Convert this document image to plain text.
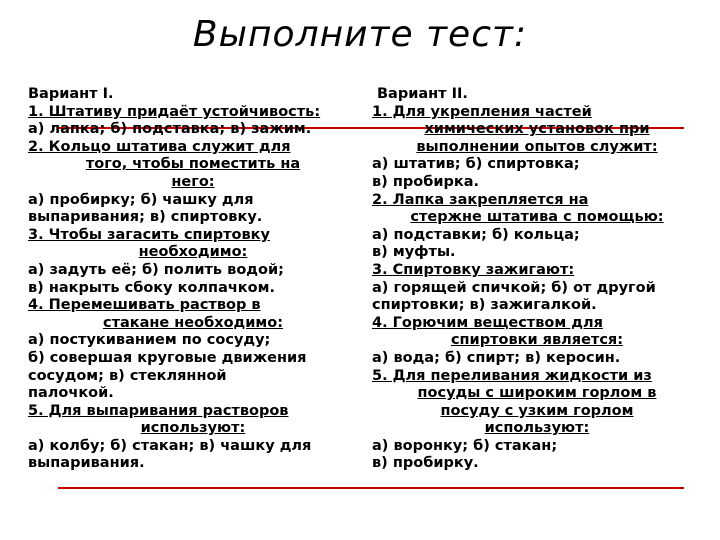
Выполните тест:
Вариант I.
1. Штативу придаёт устойчивость:
а) лапка; б) подставка; в) зажим.
2. Кольцо штатива служит для
того, чтобы поместить на
него:
а) пробирку; б) чашку для
выпаривания; в) спиртовку.
3. Чтобы загасить спиртовку
необходимо:
а) задуть её; б) полить водой;
в) накрыть сбоку колпачком.
4. Перемешивать раствор в
стакане необходимо:
а) постукиванием по сосуду;
б) совершая круговые движения
сосудом; в) стеклянной
палочкой.
5. Для выпаривания растворов
используют:
а) колбу; б) стакан; в) чашку для
выпаривания.
Вариант II.
1. Для укрепления частей
химических установок при
выполнении опытов служит:
а) штатив; б) спиртовка;
в) пробирка.
2. Лапка закрепляется на
стержне штатива с помощью:
а) подставки; б) кольца;
в) муфты.
3. Спиртовку зажигают:
а) горящей спичкой; б) от другой
спиртовки; в) зажигалкой.
4. Горючим веществом для
спиртовки является:
а) вода; б) спирт; в) керосин.
5. Для переливания жидкости из
посуды с широким горлом в
посуду с узким горлом
используют:
а) воронку; б) стакан;
в) пробирку.
